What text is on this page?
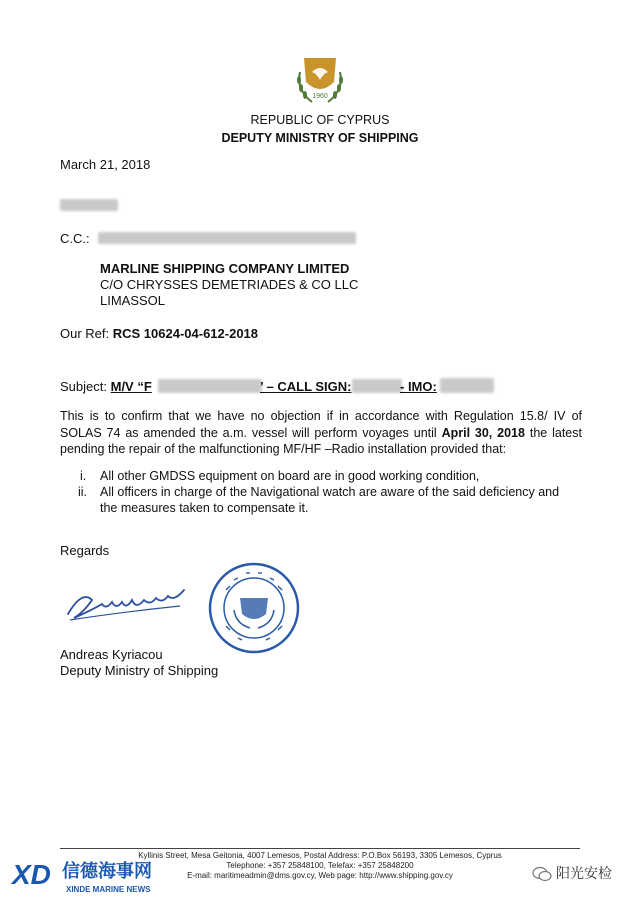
1960
REPUBLIC OF CYPRUS
DEPUTY MINISTRY OF SHIPPING
March 21, 2018
C.C.:
MARLINE SHIPPING COMPANY LIMITED
C/O CHRYSSES DEMETRIADES & CO LLC
LIMASSOL
Our Ref: RCS 10624-04-612-2018
Subject: M/V “F	’ – CALL SIGN:	- IMO:
This is to confirm that we have no objection if in accordance with Regulation 15.8/ IV of SOLAS 74 as amended the a.m. vessel will perform voyages until April 30, 2018 the latest pending the repair of the malfunctioning MF/HF –Radio installation provided that:
i. All other GMDSS equipment on board are in good working condition,
ii. All officers in charge of the Navigational watch are aware of the said deficiency and the measures taken to compensate it.
Regards
Andreas Kyriacou
Deputy Ministry of Shipping
Kyllinis Street, Mesa Geitonia, 4007 Lemesos, Postal Address: P.O.Box 56193, 3305 Lemesos, Cyprus
Telephone: +357 25848100, Telefax: +357 25848200
E-mail: maritimeadmin@dms.gov.cy, Web page: http://www.shipping.gov.cy
XD 信德海事网
XINDE MARINE NEWS
阳光安检
